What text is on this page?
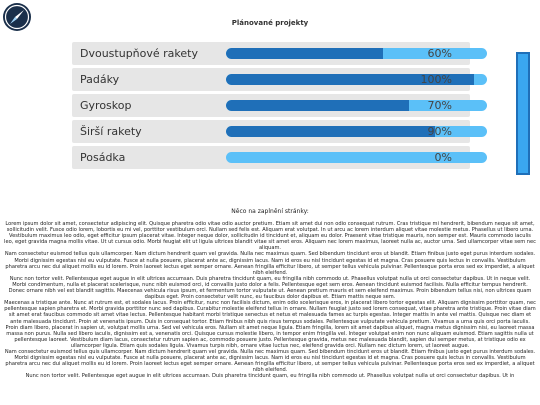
Plánované projekty
Dvoustupňové rakety	60%
Padáky	100%
Gyroskop	70%
Širší rakety	90%
Posádka	0%
Něco na zaplnění stránky:

Lorem ipsum dolor sit amet, consectetur adipiscing elit. Quisque pharetra odio vitae odio auctor pretium. Etiam sit amet dui non odio consequat rutrum. Cras tristique mi hendrerit, bibendum neque sit amet, sollicitudin velit. Fusce odio lorem, lobortis eu mi vel, porttitor vestibulum orci. Nullam sed felis est. Aliquam erat volutpat. In ut arcu ac lorem interdum aliquet vitae molestie metus. Phasellus ut libero urna. Vestibulum maximus leo odio, eget efficitur ipsum placerat vitae. Integer neque dolor, sollicitudin id tincidunt et, aliquam eu dolor. Praesent vitae tristique mauris, non semper est. Mauris commodo iaculis leo, eget gravida magna mollis vitae. Ut ut cursus odio. Morbi feugiat elit ut ligula ultrices blandit vitae sit amet eros. Aliquam nec lorem maximus, laoreet nulla ac, auctor urna. Sed ullamcorper vitae sem nec aliquam.

Nam consectetur euismod tellus quis ullamcorper. Nam dictum hendrerit quam vel gravida. Nulla nec maximus quam. Sed bibendum tincidunt eros ut blandit. Etiam finibus justo eget purus interdum sodales. Morbi dignissim egestas nisl eu vulputate. Fusce at nulla posuere, placerat ante ac, dignissim lacus. Nam id eros eu nisl tincidunt egestas id et magna. Cras posuere quis lectus in convallis. Vestibulum pharetra arcu nec dui aliquet mollis eu id lorem. Proin laoreet lectus eget semper ornare. Aenean fringilla efficitur libero, ut semper tellus vehicula pulvinar. Pellentesque porta eros sed ex imperdiet, a aliquet nibh eleifend.

Nunc non tortor velit. Pellentesque eget augue in elit ultrices accumsan. Duis pharetra tincidunt quam, eu fringilla nibh commodo ut. Phasellus volutpat nulla ut orci consectetur dapibus. Ut in neque velit. Morbi condimentum, nulla et placerat scelerisque, nunc nibh euismod orci, id convallis justo dolor a felis. Pellentesque eget sem eros. Aenean tincidunt euismod facilisis. Nulla efficitur tempus hendrerit. Donec ornare nibh vel est blandit sagittis. Maecenas vehicula risus ipsum, et fermentum tortor vulputate ut. Aenean pretium mauris et sem eleifend maximus. Proin bibendum tellus nisi, non ultrices quam dapibus eget. Proin consectetur velit nunc, eu faucibus dolor dapibus et. Etiam mattis neque sem.

Maecenas a tristique ante. Nunc at rutrum est, et sodales lacus. Proin efficitur, nunc non facilisis dictum, enim odio scelerisque eros, in placerat libero tortor egestas elit. Aliquam dignissim porttitor quam, nec pellentesque sapien pharetra et. Morbi gravida porttitor nunc sed dapibus. Curabitur molestie eleifend tellus in ornare. Nullam feugiat justo sed lorem consequat, vitae pharetra ante tristique. Proin vitae diam sit amet erat faucibus commodo sit amet vitae lectus. Pellentesque habitant morbi tristique senectus et netus et malesuada fames ac turpis egestas. Integer mattis in ante vel mattis. Quisque nec diam et ante malesuada tincidunt. Proin at venenatis ipsum. Duis in consequat tortor. Etiam finibus nibh quis risus tempus sodales. Pellentesque vulputate vehicula pretium. Vivamus a urna quis orci porta iaculis.

Proin diam libero, placerat in sapien ut, volutpat mollis urna. Sed vel vehicula eros. Nullam sit amet neque ligula. Etiam fringilla, lorem sit amet dapibus aliquet, magna metus dignissim nisi, eu laoreet massa massa non purus. Nulla sed libero iaculis, dignissim est a, venenatis orci. Quisque cursus molestie libero, in tempor enim fringilla vel. Integer volutpat enim non nunc aliquam euismod. Etiam sagittis nulla ut pellentesque laoreet. Vestibulum diam lacus, consectetur rutrum sapien ac, commodo posuere justo. Pellentesque gravida, metus nec malesuada blandit, sapien dui semper metus, at tristique odio ex ullamcorper ligula. Etiam quis sodales ligula. Vivamus turpis nibh, ornare vitae luctus nec, eleifend gravida orci. Nullam nec dictum lorem, ut laoreet augue.

Nam consectetur euismod tellus quis ullamcorper. Nam dictum hendrerit quam vel gravida. Nulla nec maximus quam. Sed bibendum tincidunt eros ut blandit. Etiam finibus justo eget purus interdum sodales. Morbi dignissim egestas nisl eu vulputate. Fusce at nulla posuere, placerat ante ac, dignissim lacus. Nam id eros eu nisl tincidunt egestas id et magna. Cras posuere quis lectus in convallis. Vestibulum pharetra arcu nec dui aliquet mollis eu id lorem. Proin laoreet lectus eget semper ornare. Aenean fringilla efficitur libero, ut semper tellus vehicula pulvinar. Pellentesque porta eros sed ex imperdiet, a aliquet nibh eleifend.

Nunc non tortor velit. Pellentesque eget augue in elit ultrices accumsan. Duis pharetra tincidunt quam, eu fringilla nibh commodo ut. Phasellus volutpat nulla ut orci consectetur dapibus. Ut in
